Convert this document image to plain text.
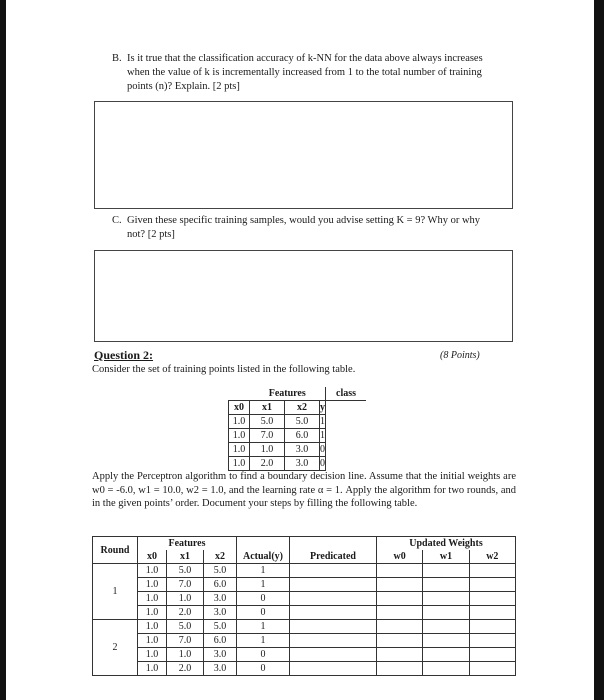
B. Is it true that the classification accuracy of k-NN for the data above always increases
when the value of k is incrementally increased from 1 to the total number of training
points (n)? Explain. [2 pts]
C. Given these specific training samples, would you advise setting K = 9? Why or why
not? [2 pts]
Question 2:	(8 Points)
Consider the set of training points listed in the following table.
	Features			class
x0	x1	x2	y	
1.0	5.0	5.0	1	
1.0	7.0	6.0	1	
1.0	1.0	3.0	0	
1.0	2.0	3.0	0	
Apply the Perceptron algorithm to find a boundary decision line. Assume that the initial weights are w0 = -6.0, w1 = 10.0, w2 = 1.0, and the learning rate α = 1. Apply the algorithm for two rounds, and in the given points’ order. Document your steps by filling the following table.
Round	Features			Actual(y)	Predicated	Updated Weights		
	x0	x1	x2			w0	w1	w2
1	1.0	5.0	5.0	1				
	1.0	7.0	6.0	1				
	1.0	1.0	3.0	0				
	1.0	2.0	3.0	0				
2	1.0	5.0	5.0	1				
	1.0	7.0	6.0	1				
	1.0	1.0	3.0	0				
	1.0	2.0	3.0	0				
